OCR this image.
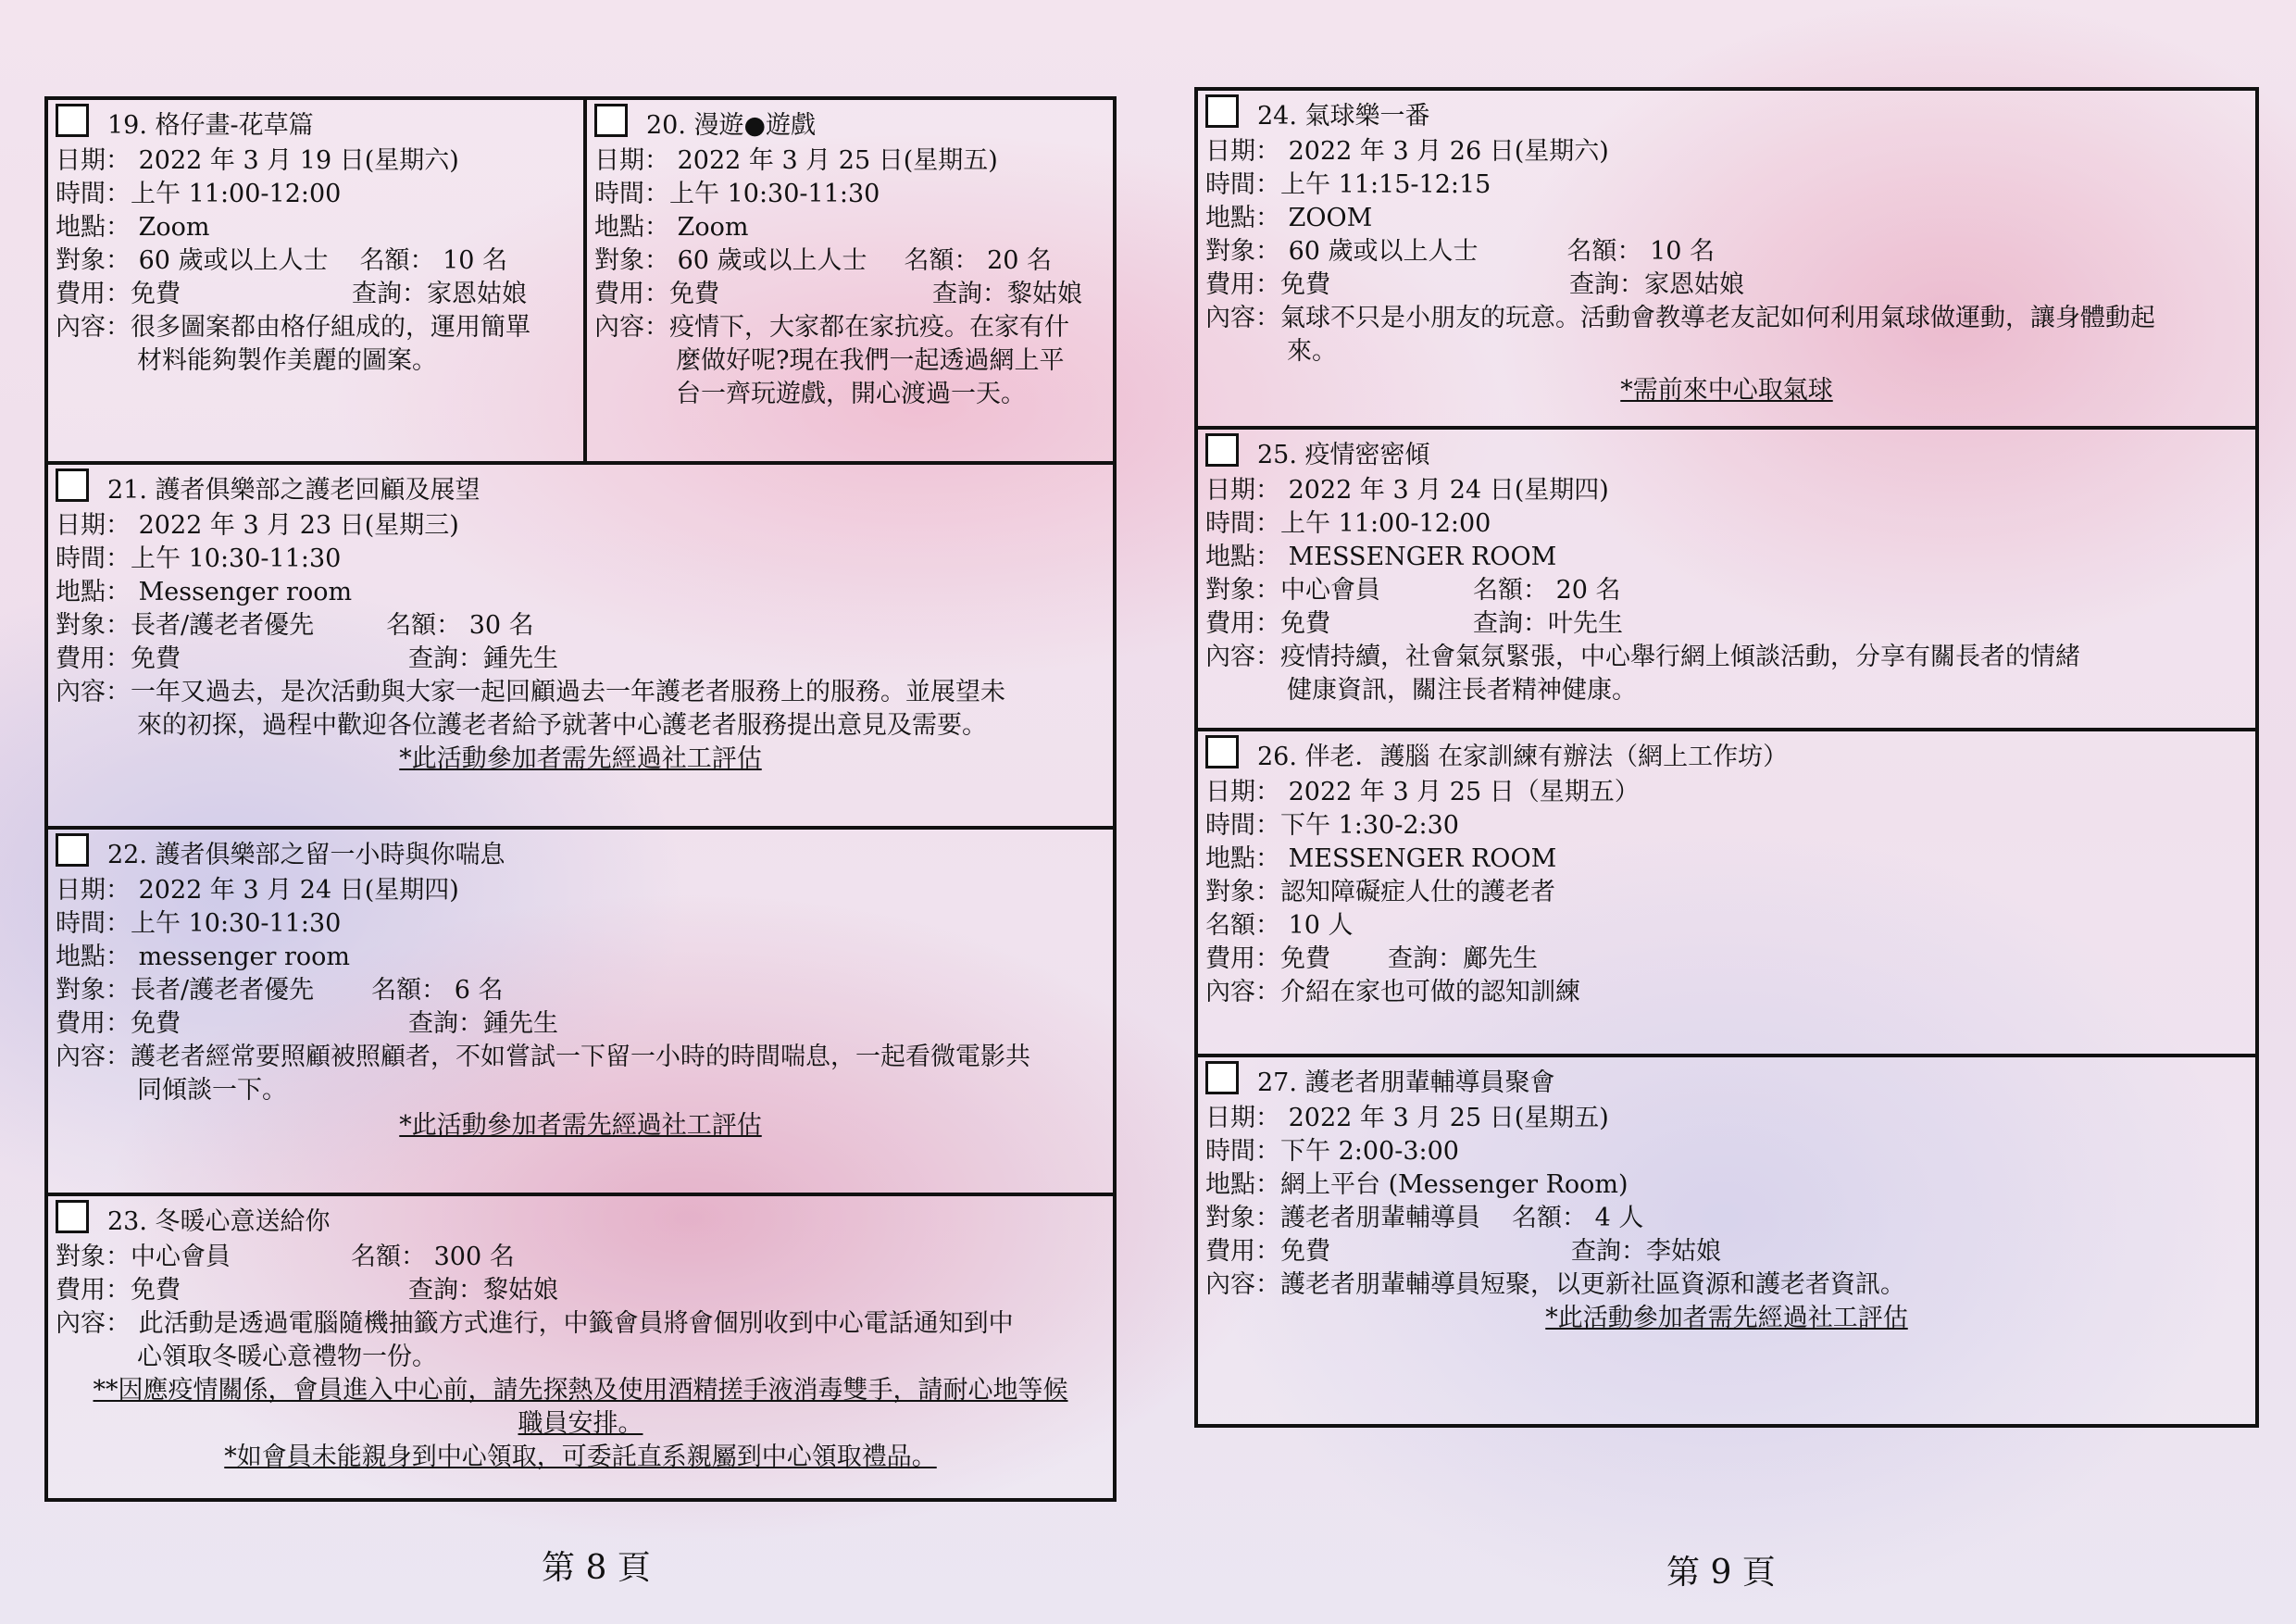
19. 格仔畫-花草篇
日期： 2022 年 3 月 19 日(星期六)
時間：上午 11:00-12:00
地點： Zoom
對象： 60 歲或以上人士 名額： 10 名
費用：免費	查詢：家恩姑娘
內容：很多圖案都由格仔組成的，運用簡單
材料能夠製作美麗的圖案。
20. 漫遊●遊戲
日期： 2022 年 3 月 25 日(星期五)
時間：上午 10:30-11:30
地點： Zoom
對象： 60 歲或以上人士 名額： 20 名
費用：免費	查詢：黎姑娘
內容：疫情下，大家都在家抗疫。在家有什
麼做好呢?現在我們一起透過網上平
台一齊玩遊戲，開心渡過一天。
21. 護者俱樂部之護老回顧及展望
日期： 2022 年 3 月 23 日(星期三)
時間：上午 10:30-11:30
地點： Messenger room
對象：長者/護老者優先	名額： 30 名
費用：免費	查詢：鍾先生
內容：一年又過去，是次活動與大家一起回顧過去一年護老者服務上的服務。並展望未
來的初探，過程中歡迎各位護老者給予就著中心護老者服務提出意見及需要。
*此活動參加者需先經過社工評估
22. 護者俱樂部之留一小時與你喘息
日期： 2022 年 3 月 24 日(星期四)
時間：上午 10:30-11:30
地點： messenger room
對象：長者/護老者優先 名額： 6 名
費用：免費	查詢：鍾先生
內容：護老者經常要照顧被照顧者，不如嘗試一下留一小時的時間喘息，一起看微電影共
同傾談一下。
*此活動參加者需先經過社工評估
23. 冬暖心意送給你
對象：中心會員	名額： 300 名
費用：免費	查詢：黎姑娘
內容： 此活動是透過電腦隨機抽籤方式進行，中籤會員將會個別收到中心電話通知到中
心領取冬暖心意禮物一份。
**因應疫情關係，會員進入中心前，請先探熱及使用酒精搓手液消毒雙手，請耐心地等候
職員安排。
*如會員未能親身到中心領取，可委託直系親屬到中心領取禮品。
第 8 頁
24. 氣球樂一番
日期： 2022 年 3 月 26 日(星期六)
時間：上午 11:15-12:15
地點： ZOOM
對象： 60 歲或以上人士	名額： 10 名
費用：免費	查詢：家恩姑娘
內容：氣球不只是小朋友的玩意。活動會教導老友記如何利用氣球做運動，讓身體動起
來。
*需前來中心取氣球
25. 疫情密密傾
日期： 2022 年 3 月 24 日(星期四)
時間：上午 11:00-12:00
地點： MESSENGER ROOM
對象：中心會員	名額： 20 名
費用：免費	查詢：叶先生
內容：疫情持續，社會氣氛緊張，中心舉行網上傾談活動，分享有關長者的情緒
健康資訊，關注長者精神健康。
26. 伴老．護腦 在家訓練有辦法（網上工作坊）
日期： 2022 年 3 月 25 日（星期五）
時間：下午 1:30-2:30
地點： MESSENGER ROOM
對象：認知障礙症人仕的護老者
名額： 10 人
費用：免費 查詢：鄺先生
內容：介紹在家也可做的認知訓練
27. 護老者朋輩輔導員聚會
日期： 2022 年 3 月 25 日(星期五)
時間：下午 2:00-3:00
地點：網上平台 (Messenger Room)
對象：護老者朋輩輔導員 名額： 4 人
費用：免費	查詢：李姑娘
內容：護老者朋輩輔導員短聚，以更新社區資源和護老者資訊。
*此活動參加者需先經過社工評估
第 9 頁
